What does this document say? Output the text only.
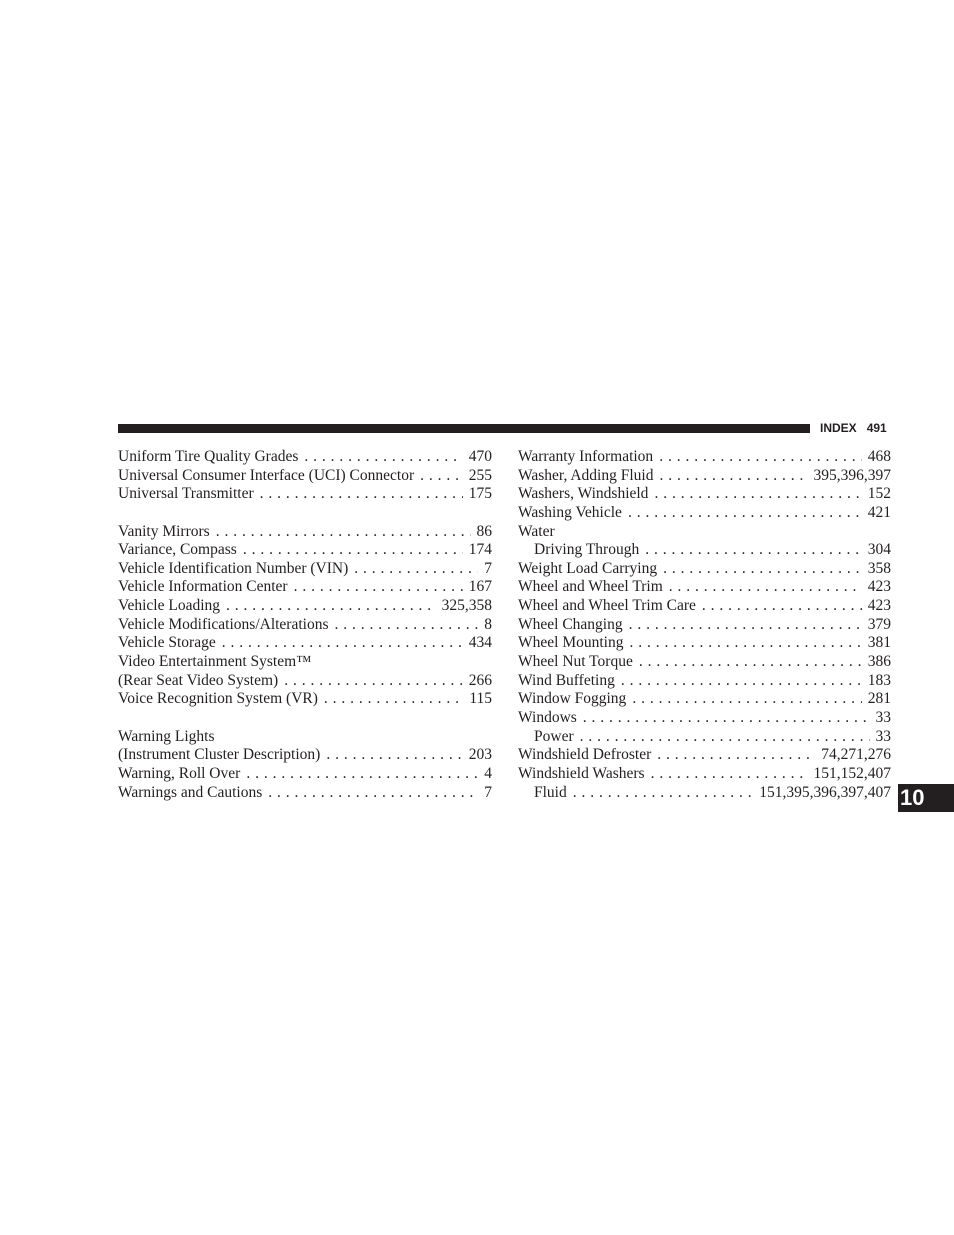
INDEX 491
Uniform Tire Quality Grades . . .	470
Universal Consumer Interface (UCI) Connector . . .	255
Universal Transmitter . . .	175
Vanity Mirrors . . .	86
Variance, Compass . . .	174
Vehicle Identification Number (VIN) . . .	7
Vehicle Information Center . . .	167
Vehicle Loading . . .	325,358
Vehicle Modifications/Alterations . . .	8
Vehicle Storage . . .	434
Video Entertainment System™
(Rear Seat Video System) . . .	266
Voice Recognition System (VR) . . .	115
Warning Lights
(Instrument Cluster Description) . . .	203
Warning, Roll Over . . .	4
Warnings and Cautions . . .	7
Warranty Information . . .	468
Washer, Adding Fluid . . .	395,396,397
Washers, Windshield . . .	152
Washing Vehicle . . .	421
Water
Driving Through . . .	304
Weight Load Carrying . . .	358
Wheel and Wheel Trim . . .	423
Wheel and Wheel Trim Care . . .	423
Wheel Changing . . .	379
Wheel Mounting . . .	381
Wheel Nut Torque . . .	386
Wind Buffeting . . .	183
Window Fogging . . .	281
Windows . . .	33
Power . . .	33
Windshield Defroster . . .	74,271,276
Windshield Washers . . .	151,152,407
Fluid . . .	151,395,396,397,407 10
